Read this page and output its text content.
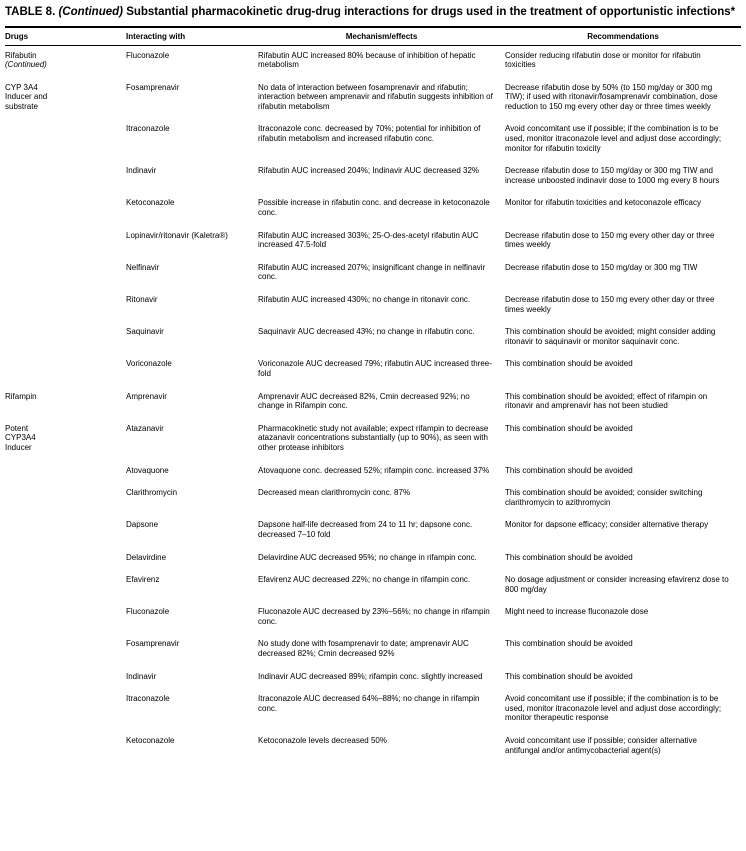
TABLE 8. (Continued) Substantial pharmacokinetic drug-drug interactions for drugs used in the treatment of opportunistic infections*
Drugs	Interacting with	Mechanism/effects	Recommendations

Rifabutin
(Continued)	Fluconazole	Rifabutin AUC increased 80% because of inhibition of hepatic metabolism	Consider reducing rifabutin dose or monitor for rifabutin toxicities

CYP 3A4 Inducer and substrate	Fosamprenavir	No data of interaction between fosamprenavir and rifabutin; interaction between amprenavir and rifabutin suggests inhibition of rifabutin metabolism	Decrease rifabutin dose by 50% (to 150 mg/day or 300 mg TIW); if used with ritonavir/fosamprenavir combination, dose reduction to 150 mg every other day or three times weekly

	Itraconazole	Itraconazole conc. decreased by 70%; potential for inhibition of rifabutin metabolism and increased rifabutin conc.	Avoid concomitant use if possible; if the combination is to be used, monitor itraconazole level and adjust dose accordingly; monitor for rifabutin toxicity

	Indinavir	Rifabutin AUC increased 204%; Indinavir AUC decreased 32%	Decrease rifabutin dose to 150 mg/day or 300 mg TIW and increase unboosted indinavir dose to 1000 mg every 8 hours

	Ketoconazole	Possible increase in rifabutin conc. and decrease in ketoconazole conc.	Monitor for rifabutin toxicities and ketoconazole efficacy

	Lopinavir/ritonavir (Kaletra®)	Rifabutin AUC increased 303%; 25-O-des-acetyl rifabutin AUC increased 47.5-fold	Decrease rifabutin dose to 150 mg every other day or three times weekly

	Nelfinavir	Rifabutin AUC increased 207%; insignificant change in nelfinavir conc.	Decrease rifabutin dose to 150 mg/day or 300 mg TIW

	Ritonavir	Rifabutin AUC increased 430%; no change in ritonavir conc.	Decrease rifabutin dose to 150 mg every other day or three times weekly

	Saquinavir	Saquinavir AUC decreased 43%; no change in rifabutin conc.	This combination should be avoided; might consider adding ritonavir to saquinavir or monitor saquinavir conc.

	Voriconazole	Voriconazole AUC decreased 79%; rifabutin AUC increased three-fold	This combination should be avoided

Rifampin	Amprenavir	Amprenavir AUC decreased 82%, Cmin decreased 92%; no change in Rifampin conc.	This combination should be avoided; effect of rifampin on ritonavir and amprenavir has not been studied

Potent CYP3A4 Inducer	Atazanavir	Pharmacokinetic study not available; expect rifampin to decrease atazanavir concentrations substantially (up to 90%), as seen with other protease inhibitors	This combination should be avoided

	Atovaquone	Atovaquone conc. decreased 52%; rifampin conc. increased 37%	This combination should be avoided

	Clarithromycin	Decreased mean clarithromycin conc. 87%	This combination should be avoided; consider switching clarithromycin to azithromycin

	Dapsone	Dapsone half-life decreased from 24 to 11 hr; dapsone conc. decreased 7–10 fold	Monitor for dapsone efficacy; consider alternative therapy

	Delavirdine	Delavirdine AUC decreased 95%; no change in rifampin conc.	This combination should be avoided

	Efavirenz	Efavirenz AUC decreased 22%; no change in rifampin conc.	No dosage adjustment or consider increasing efavirenz dose to 800 mg/day

	Fluconazole	Fluconazole AUC decreased by 23%–56%; no change in rifampin conc.	Might need to increase fluconazole dose

	Fosamprenavir	No study done with fosamprenavir to date; amprenavir AUC decreased 82%; Cmin decreased 92%	This combination should be avoided

	Indinavir	Indinavir AUC decreased 89%; rifampin conc. slightly increased	This combination should be avoided

	Itraconazole	Itraconazole AUC decreased 64%–88%; no change in rifampin conc.	Avoid concomitant use if possible; if the combination is to be used, monitor itraconazole level and adjust dose accordingly; monitor therapeutic response

	Ketoconazole	Ketoconazole levels decreased 50%	Avoid concomitant use if possible; consider alternative antifungal and/or antimycobacterial agent(s)
